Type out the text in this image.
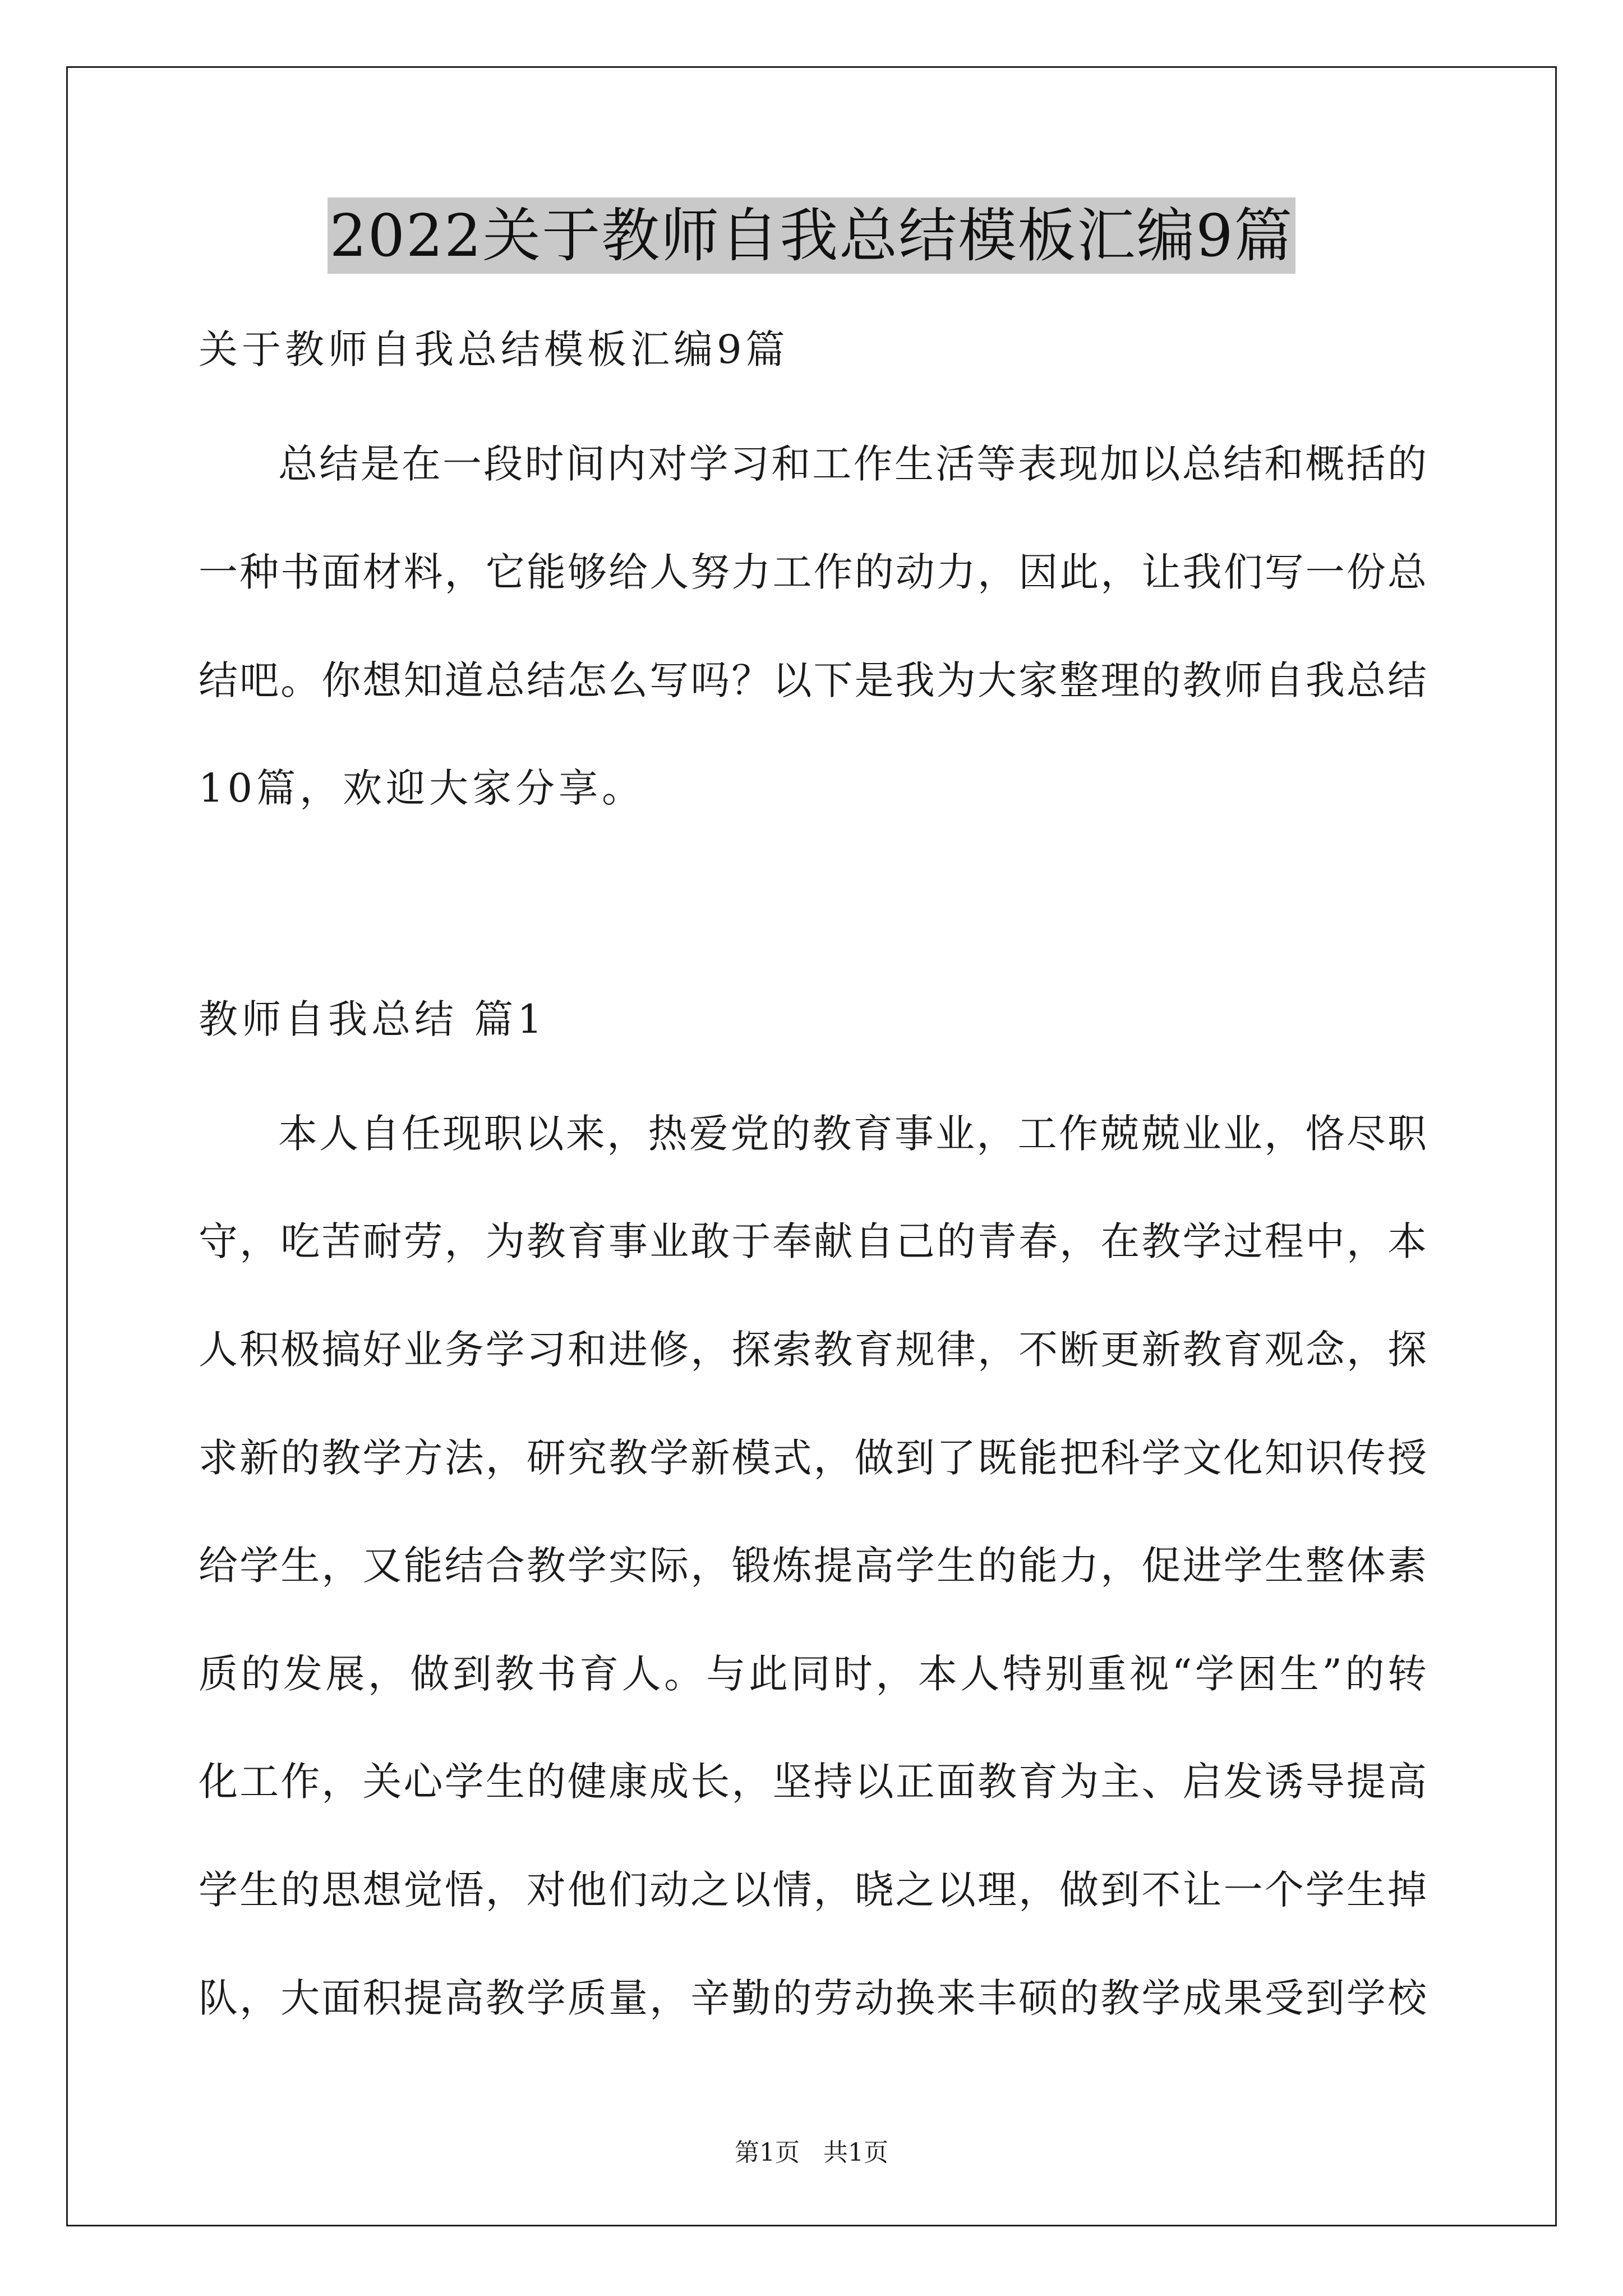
2022关于教师自我总结模板汇编9篇
关于教师自我总结模板汇编9篇
总结是在一段时间内对学习和工作生活等表现加以总结和概括的
一种书面材料，它能够给人努力工作的动力，因此，让我们写一份总
结吧。你想知道总结怎么写吗？以下是我为大家整理的教师自我总结
10篇，欢迎大家分享。
教师自我总结 篇1
本人自任现职以来，热爱党的教育事业，工作兢兢业业，恪尽职
守，吃苦耐劳，为教育事业敢于奉献自己的青春，在教学过程中，本
人积极搞好业务学习和进修，探索教育规律，不断更新教育观念，探
求新的教学方法，研究教学新模式，做到了既能把科学文化知识传授
给学生，又能结合教学实际，锻炼提高学生的能力，促进学生整体素
质的发展，做到教书育人。与此同时，本人特别重视“学困生”的转
化工作，关心学生的健康成长，坚持以正面教育为主、启发诱导提高
学生的思想觉悟，对他们动之以情，晓之以理，做到不让一个学生掉
队，大面积提高教学质量，辛勤的劳动换来丰硕的教学成果受到学校
第1页   共1页
